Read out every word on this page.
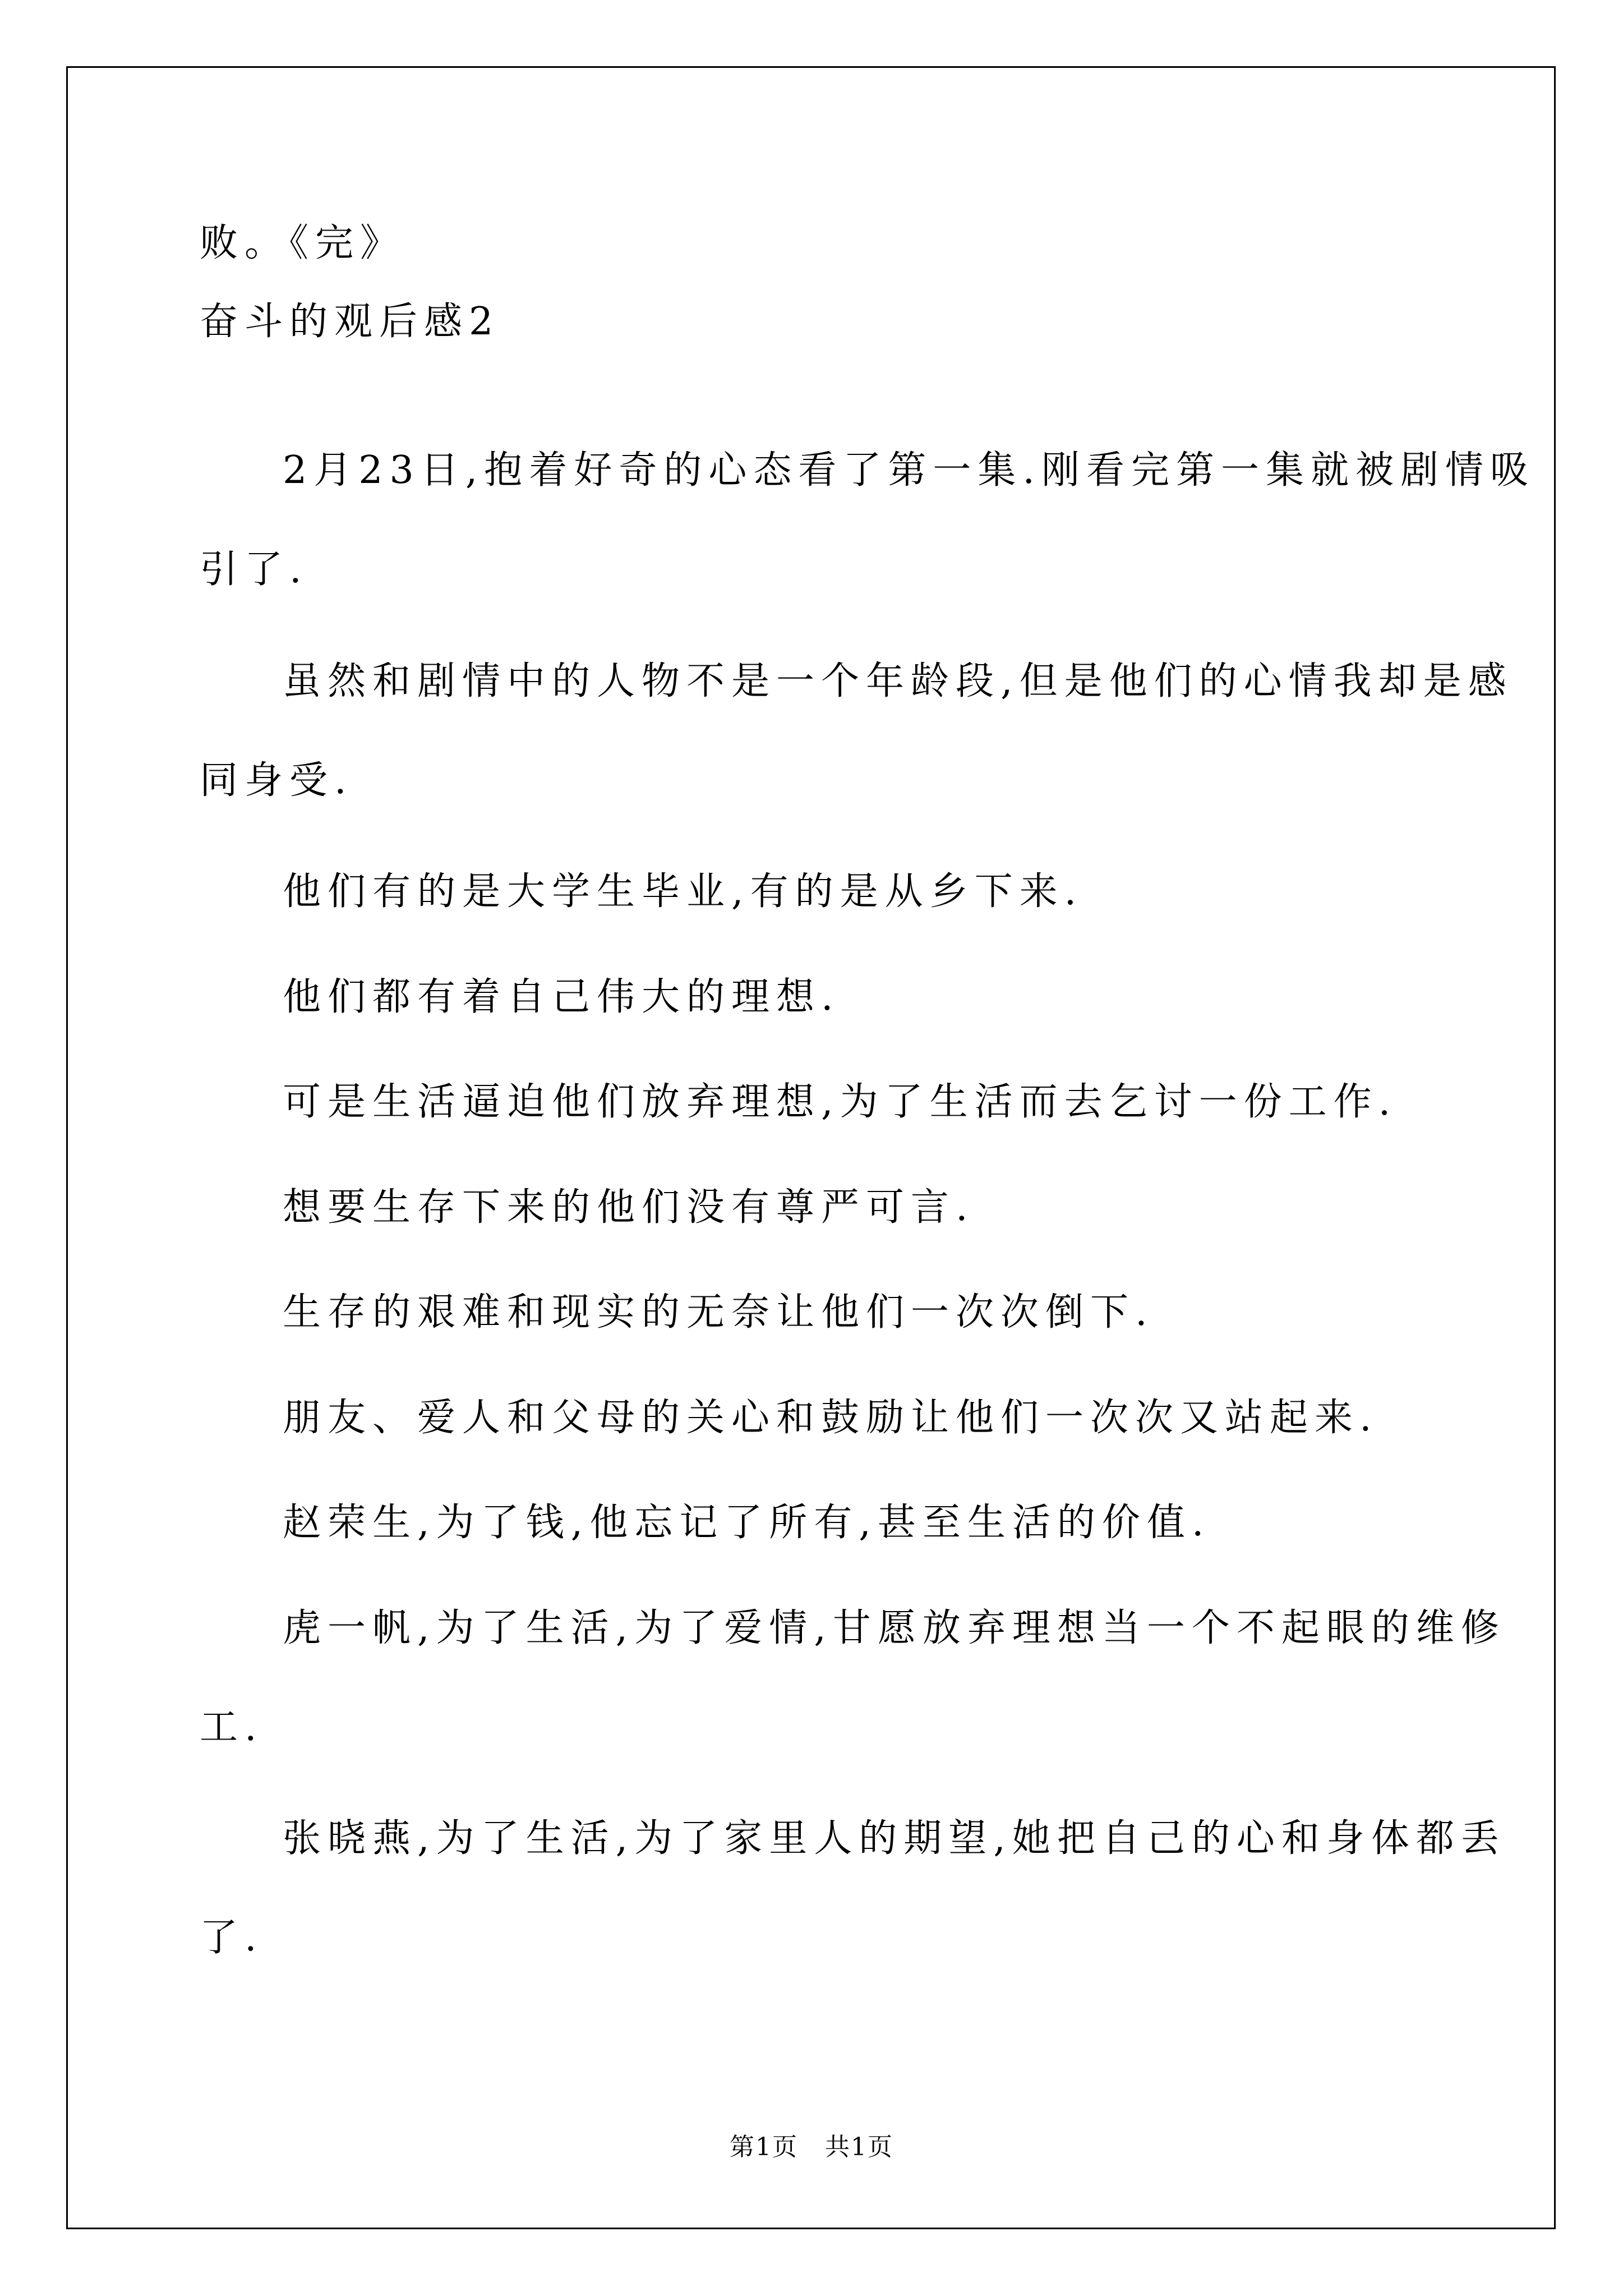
败。《完》

奋斗的观后感2

2月23日,抱着好奇的心态看了第一集.刚看完第一集就被剧情吸

引了.

虽然和剧情中的人物不是一个年龄段,但是他们的心情我却是感

同身受.

他们有的是大学生毕业,有的是从乡下来.

他们都有着自己伟大的理想.

可是生活逼迫他们放弃理想,为了生活而去乞讨一份工作.

想要生存下来的他们没有尊严可言.

生存的艰难和现实的无奈让他们一次次倒下.

朋友、爱人和父母的关心和鼓励让他们一次次又站起来.

赵荣生,为了钱,他忘记了所有,甚至生活的价值.

虎一帆,为了生活,为了爱情,甘愿放弃理想当一个不起眼的维修

工.

张晓燕,为了生活,为了家里人的期望,她把自己的心和身体都丢

了.

第1页   共1页
